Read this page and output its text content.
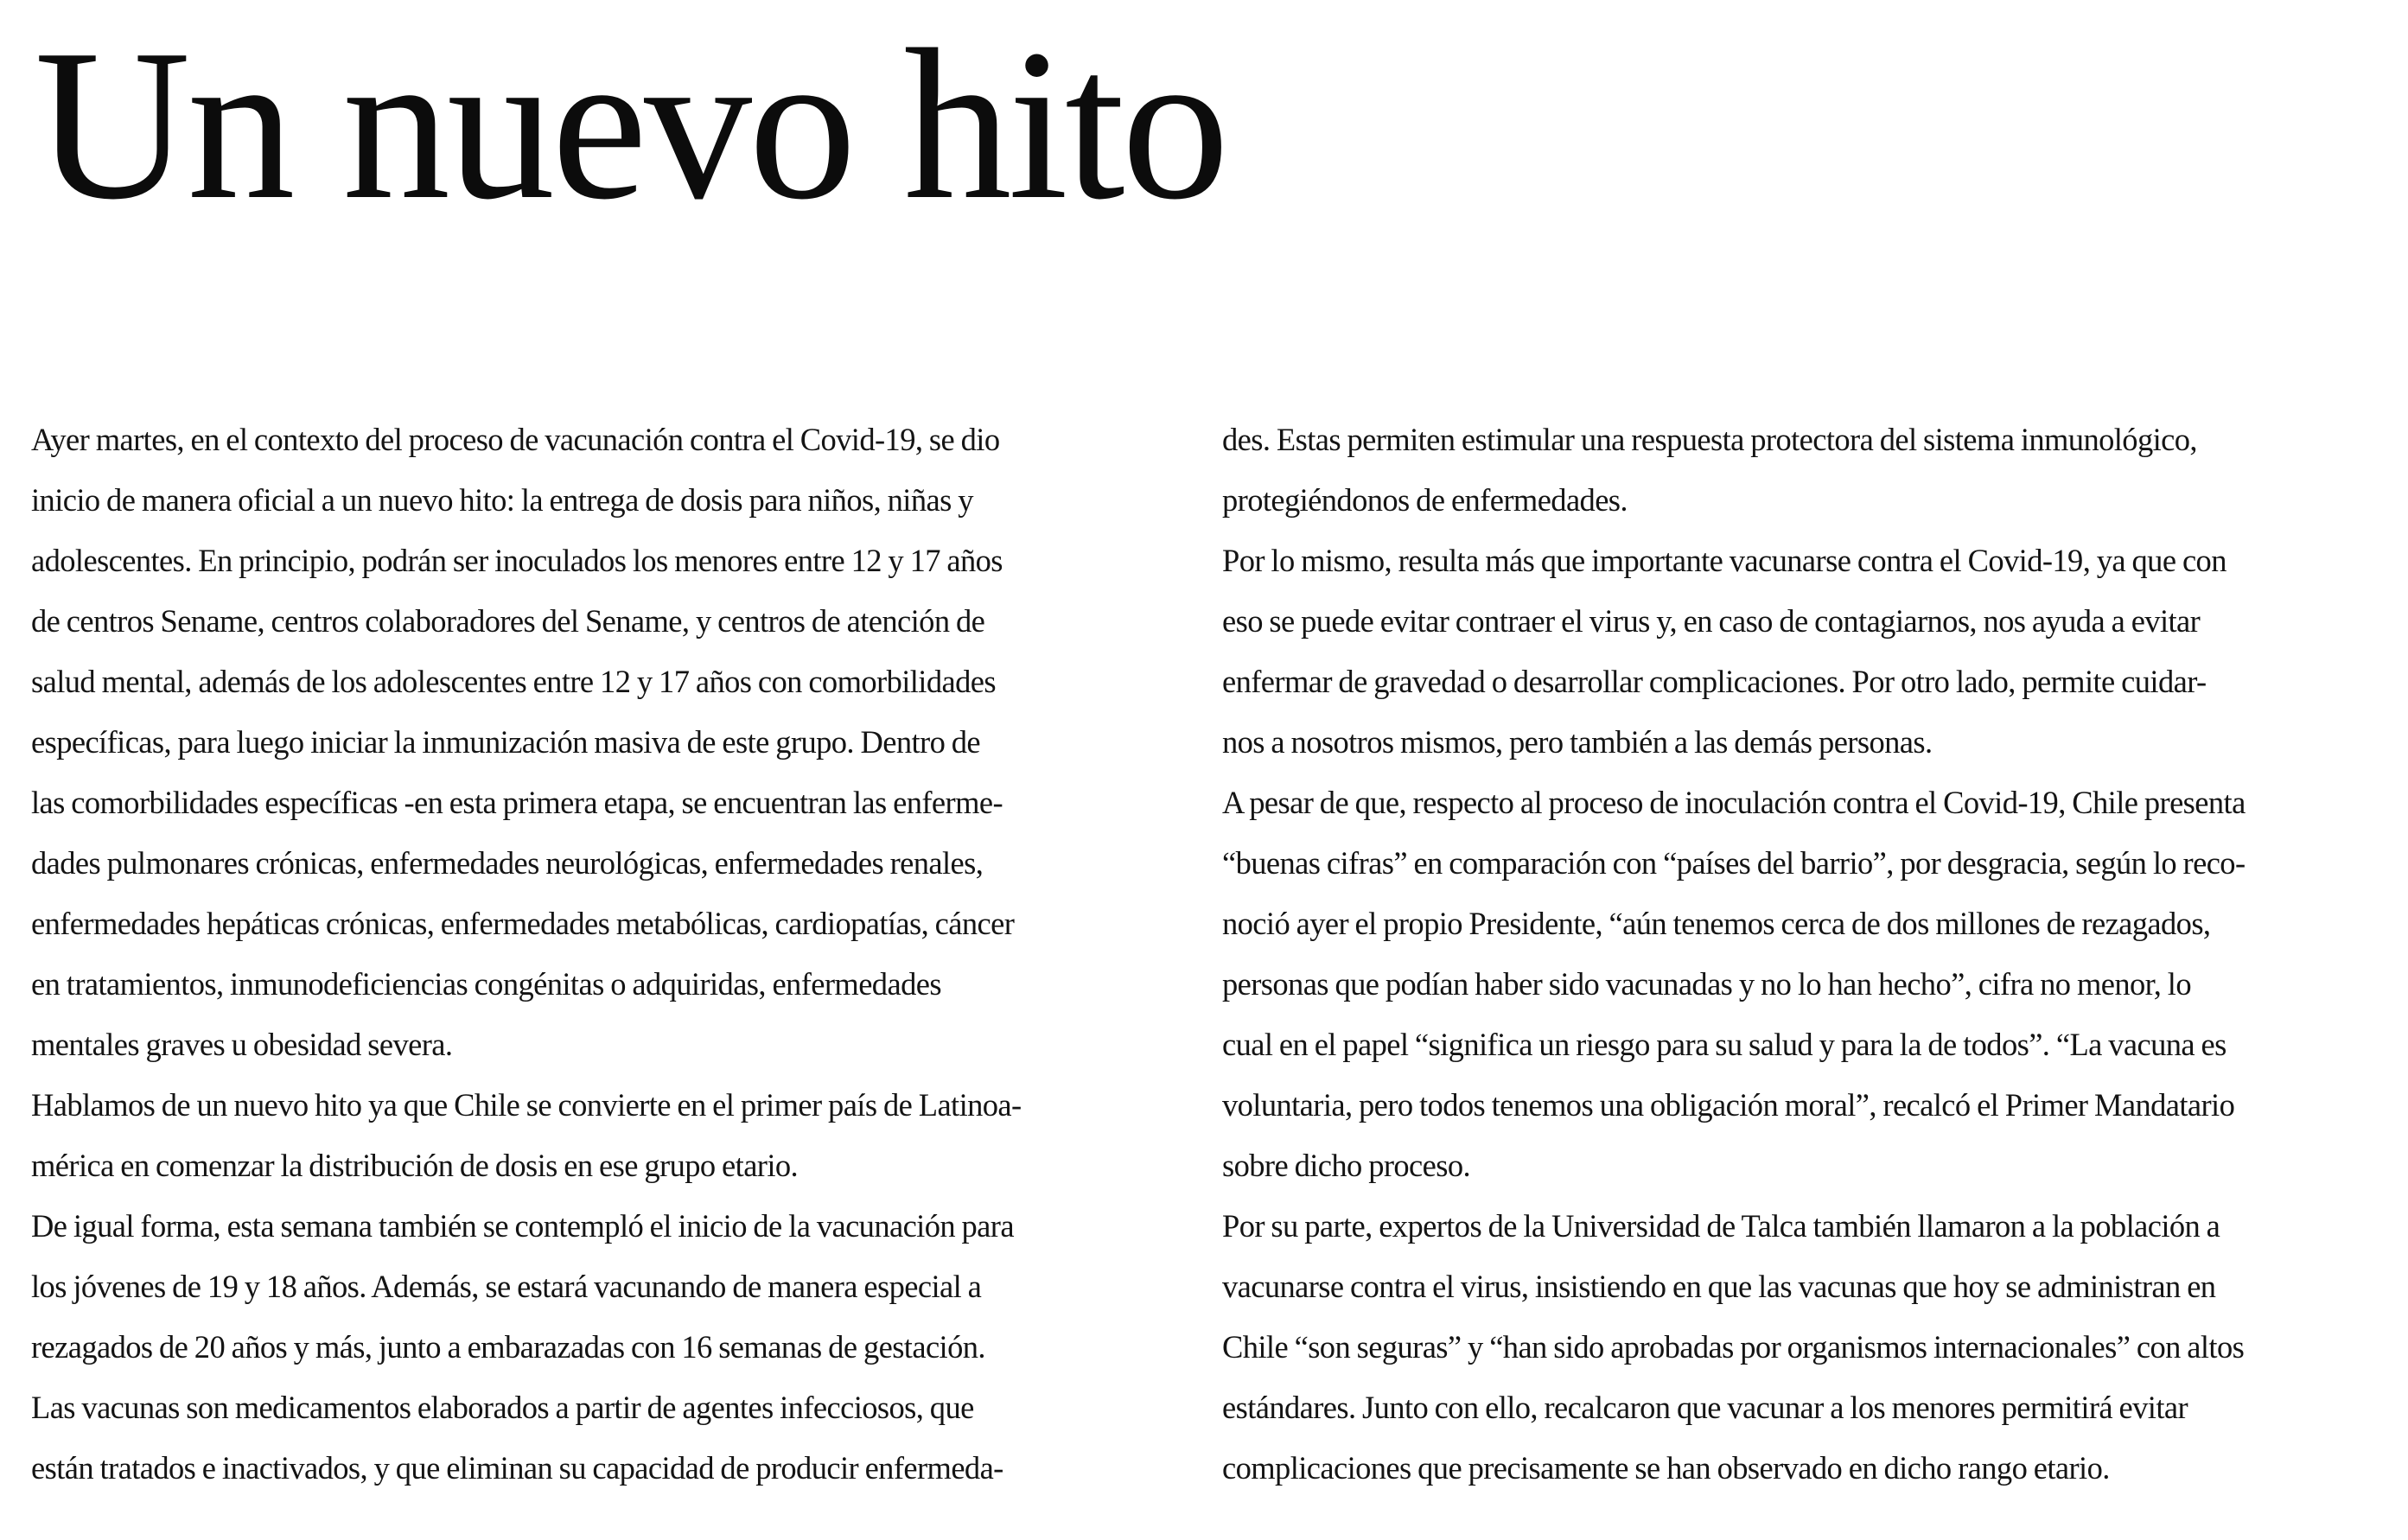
Un nuevo hito
Ayer martes, en el contexto del proceso de vacunación contra el Covid-19, se dio
inicio de manera oficial a un nuevo hito: la entrega de dosis para niños, niñas y
adolescentes. En principio, podrán ser inoculados los menores entre 12 y 17 años
de centros Sename, centros colaboradores del Sename, y centros de atención de
salud mental, además de los adolescentes entre 12 y 17 años con comorbilidades
específicas, para luego iniciar la inmunización masiva de este grupo. Dentro de
las comorbilidades específicas -en esta primera etapa, se encuentran las enferme-
dades pulmonares crónicas, enfermedades neurológicas, enfermedades renales,
enfermedades hepáticas crónicas, enfermedades metabólicas, cardiopatías, cáncer
en tratamientos, inmunodeficiencias congénitas o adquiridas, enfermedades
mentales graves u obesidad severa.
Hablamos de un nuevo hito ya que Chile se convierte en el primer país de Latinoa-
mérica en comenzar la distribución de dosis en ese grupo etario.
De igual forma, esta semana también se contempló el inicio de la vacunación para
los jóvenes de 19 y 18 años. Además, se estará vacunando de manera especial a
rezagados de 20 años y más, junto a embarazadas con 16 semanas de gestación.
Las vacunas son medicamentos elaborados a partir de agentes infecciosos, que
están tratados e inactivados, y que eliminan su capacidad de producir enfermeda-
des. Estas permiten estimular una respuesta protectora del sistema inmunológico,
protegiéndonos de enfermedades.
Por lo mismo, resulta más que importante vacunarse contra el Covid-19, ya que con
eso se puede evitar contraer el virus y, en caso de contagiarnos, nos ayuda a evitar
enfermar de gravedad o desarrollar complicaciones. Por otro lado, permite cuidar-
nos a nosotros mismos, pero también a las demás personas.
A pesar de que, respecto al proceso de inoculación contra el Covid-19, Chile presenta
“buenas cifras” en comparación con “países del barrio”, por desgracia, según lo reco-
noció ayer el propio Presidente, “aún tenemos cerca de dos millones de rezagados,
personas que podían haber sido vacunadas y no lo han hecho”, cifra no menor, lo
cual en el papel “significa un riesgo para su salud y para la de todos”. “La vacuna es
voluntaria, pero todos tenemos una obligación moral”, recalcó el Primer Mandatario
sobre dicho proceso.
Por su parte, expertos de la Universidad de Talca también llamaron a la población a
vacunarse contra el virus, insistiendo en que las vacunas que hoy se administran en
Chile “son seguras” y “han sido aprobadas por organismos internacionales” con altos
estándares. Junto con ello, recalcaron que vacunar a los menores permitirá evitar
complicaciones que precisamente se han observado en dicho rango etario.
